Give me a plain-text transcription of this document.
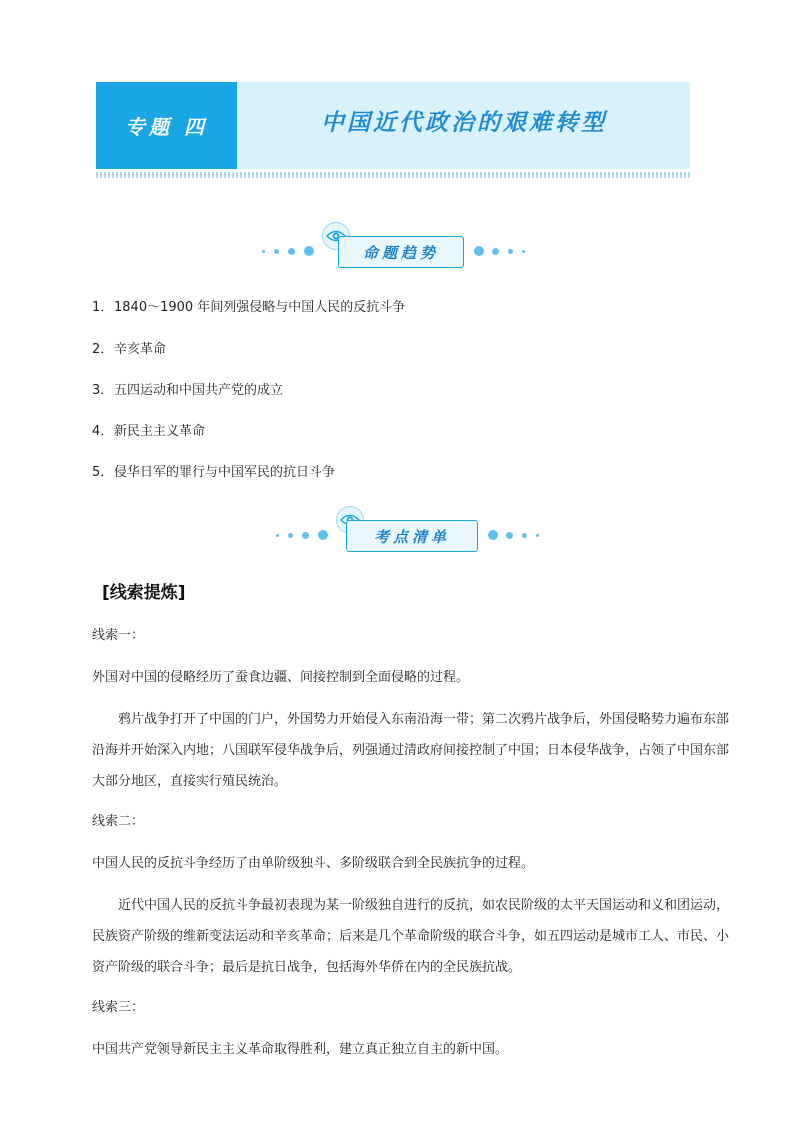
专题 四	中国近代政治的艰难转型
命题趋势
1．1840～1900 年间列强侵略与中国人民的反抗斗争
2．辛亥革命
3．五四运动和中国共产党的成立
4．新民主主义革命
5．侵华日军的罪行与中国军民的抗日斗争
考点清单
[线索提炼]
线索一：
外国对中国的侵略经历了蚕食边疆、间接控制到全面侵略的过程。
鸦片战争打开了中国的门户，外国势力开始侵入东南沿海一带；第二次鸦片战争后，外国侵略势力遍布东部沿海并开始深入内地；八国联军侵华战争后，列强通过清政府间接控制了中国；日本侵华战争，占领了中国东部大部分地区，直接实行殖民统治。
线索二：
中国人民的反抗斗争经历了由单阶级独斗、多阶级联合到全民族抗争的过程。
近代中国人民的反抗斗争最初表现为某一阶级独自进行的反抗，如农民阶级的太平天国运动和义和团运动，民族资产阶级的维新变法运动和辛亥革命；后来是几个革命阶级的联合斗争，如五四运动是城市工人、市民、小资产阶级的联合斗争；最后是抗日战争，包括海外华侨在内的全民族抗战。
线索三：
中国共产党领导新民主主义革命取得胜利，建立真正独立自主的新中国。
